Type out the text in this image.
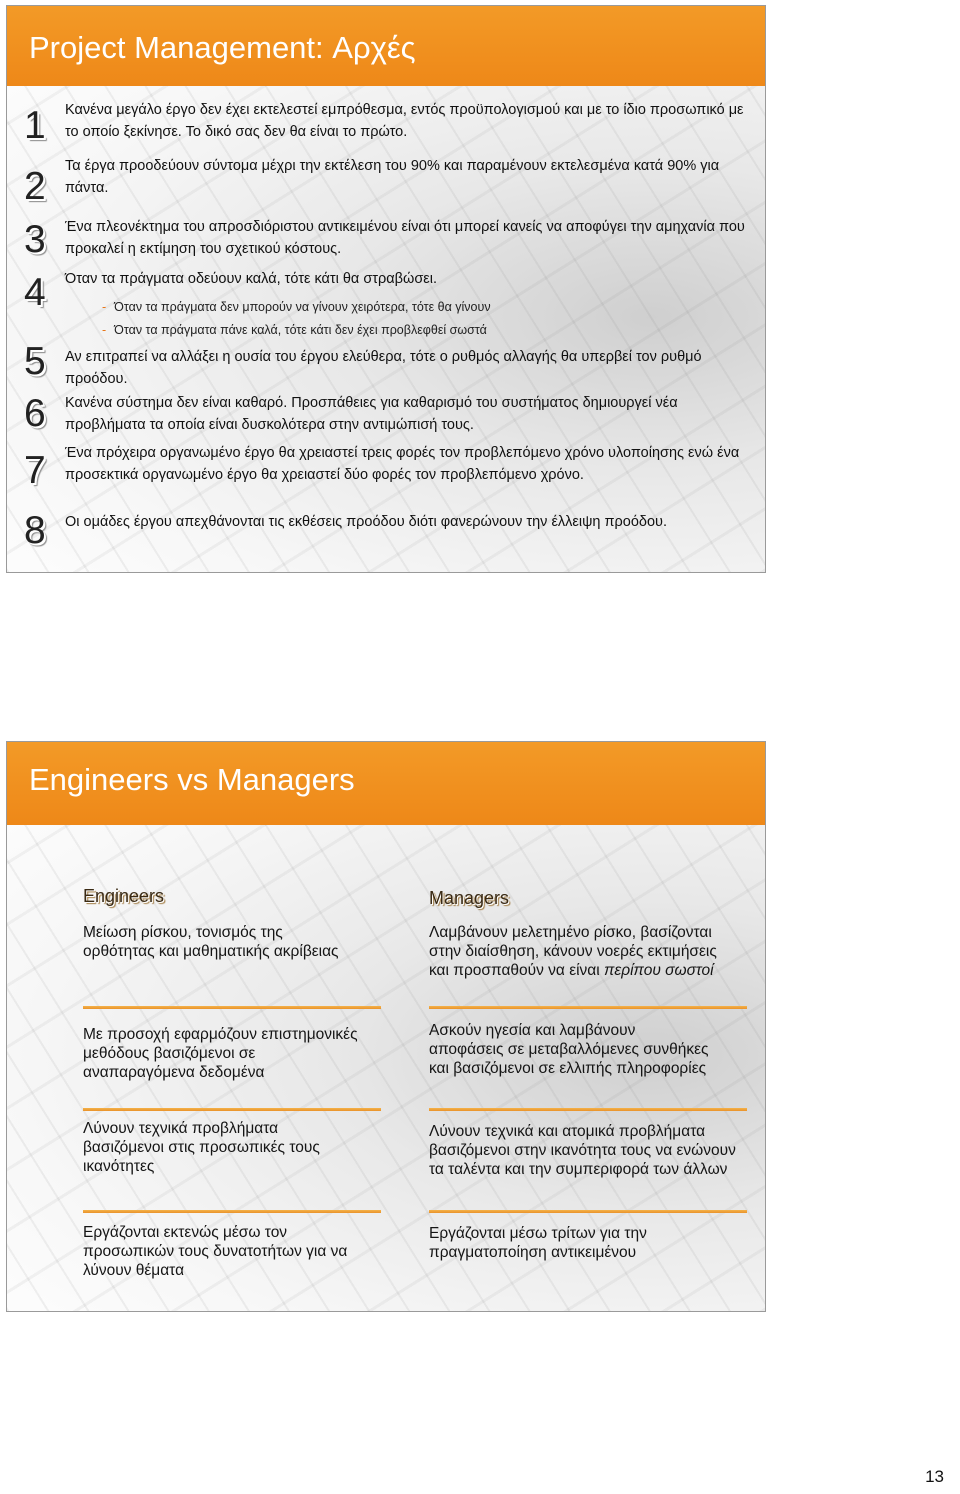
Project Management: Αρχές
1
2
3
4
5
6
7
8
Κανένα μεγάλο έργο δεν έχει εκτελεστεί εμπρόθεσμα, εντός προϋπολογισμού και με το ίδιο προσωπικό με το οποίο ξεκίνησε. Το δικό σας δεν θα είναι το πρώτο.
Τα έργα προοδεύουν σύντομα μέχρι την εκτέλεση του 90% και παραμένουν εκτελεσμένα κατά 90% για πάντα.
Ένα πλεονέκτημα του απροσδιόριστου αντικειμένου είναι ότι μπορεί κανείς να αποφύγει την αμηχανία που προκαλεί η εκτίμηση του σχετικού κόστους.
Όταν τα πράγματα οδεύουν καλά, τότε κάτι θα στραβώσει.
- Όταν τα πράγματα δεν μπορούν να γίνουν χειρότερα, τότε θα γίνουν
- Όταν τα πράγματα πάνε καλά, τότε κάτι δεν έχει προβλεφθεί σωστά
Αν επιτραπεί να αλλάξει η ουσία του έργου ελεύθερα, τότε ο ρυθμός αλλαγής θα υπερβεί τον ρυθμό προόδου.
Κανένα σύστημα δεν είναι καθαρό. Προσπάθειες για καθαρισμό του συστήματος δημιουργεί νέα προβλήματα τα οποία είναι δυσκολότερα στην αντιμώπισή τους.
Ένα πρόχειρα οργανωμένο έργο θα χρειαστεί τρεις φορές τον προβλεπόμενο χρόνο υλοποίησης ενώ ένα προσεκτικά οργανωμένο έργο θα χρειαστεί δύο φορές τον προβλεπόμενο χρόνο.
Οι ομάδες έργου απεχθάνονται τις εκθέσεις προόδου διότι φανερώνουν την έλλειψη προόδου.
Engineers vs Managers
Engineers	Managers
Μείωση ρίσκου, τονισμός της ορθότητας και μαθηματικής ακρίβειας
Με προσοχή εφαρμόζουν επιστημονικές μεθόδους βασιζόμενοι σε αναπαραγόμενα δεδομένα
Λύνουν τεχνικά προβλήματα βασιζόμενοι στις προσωπικές τους ικανότητες
Εργάζονται εκτενώς μέσω τον προσωπικών τους δυνατοτήτων για να λύνουν θέματα
Λαμβάνουν μελετημένο ρίσκο, βασίζονται στην διαίσθηση, κάνουν νοερές εκτιμήσεις και προσπαθούν να είναι περίπου σωστοί
Ασκούν ηγεσία και λαμβάνουν αποφάσεις σε μεταβαλλόμενες συνθήκες και βασιζόμενοι σε ελλιπής πληροφορίες
Λύνουν τεχνικά και ατομικά προβλήματα βασιζόμενοι στην ικανότητα τους να ενώνουν τα ταλέντα και την συμπεριφορά των άλλων
Εργάζονται μέσω τρίτων για την πραγματοποίηση αντικειμένου
13
